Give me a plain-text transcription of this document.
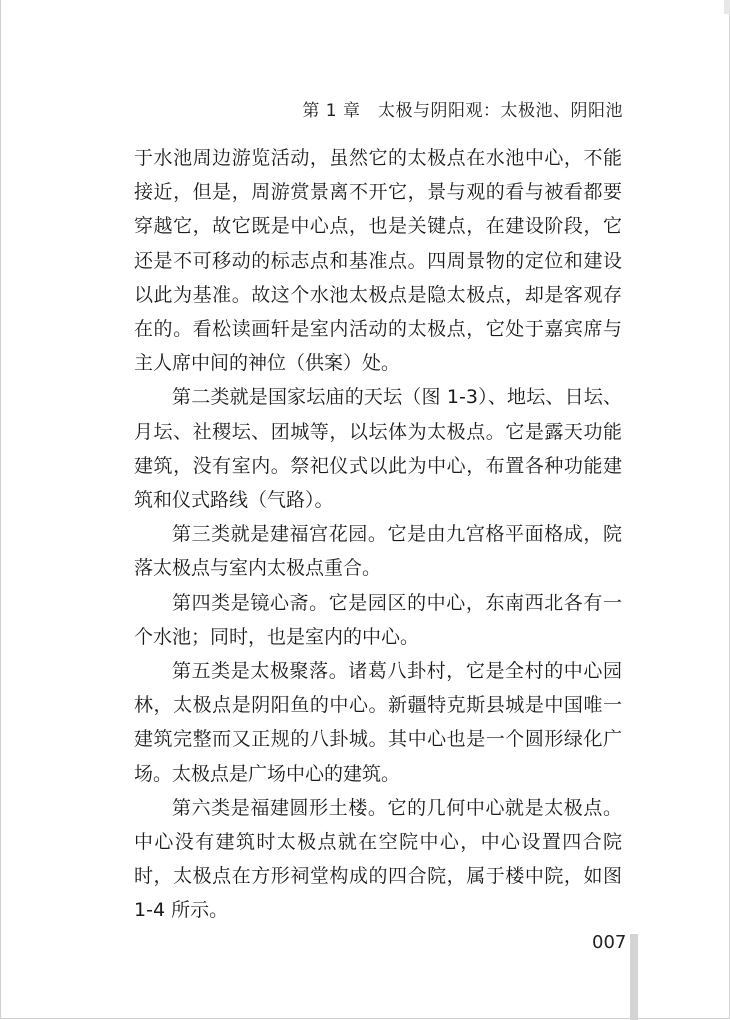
第 1 章　太极与阴阳观：太极池、阴阳池

于水池周边游览活动，虽然它的太极点在水池中心，不能接近，但是，周游赏景离不开它，景与观的看与被看都要穿越它，故它既是中心点，也是关键点，在建设阶段，它还是不可移动的标志点和基准点。四周景物的定位和建设以此为基准。故这个水池太极点是隐太极点，却是客观存在的。看松读画轩是室内活动的太极点，它处于嘉宾席与主人席中间的神位（供案）处。

第二类就是国家坛庙的天坛（图 1-3）、地坛、日坛、月坛、社稷坛、团城等，以坛体为太极点。它是露天功能建筑，没有室内。祭祀仪式以此为中心，布置各种功能建筑和仪式路线（气路）。

第三类就是建福宫花园。它是由九宫格平面格成，院落太极点与室内太极点重合。

第四类是镜心斋。它是园区的中心，东南西北各有一个水池；同时，也是室内的中心。

第五类是太极聚落。诸葛八卦村，它是全村的中心园林，太极点是阴阳鱼的中心。新疆特克斯县城是中国唯一建筑完整而又正规的八卦城。其中心也是一个圆形绿化广场。太极点是广场中心的建筑。

第六类是福建圆形土楼。它的几何中心就是太极点。中心没有建筑时太极点就在空院中心，中心设置四合院时，太极点在方形祠堂构成的四合院，属于楼中院，如图 1-4 所示。

007
